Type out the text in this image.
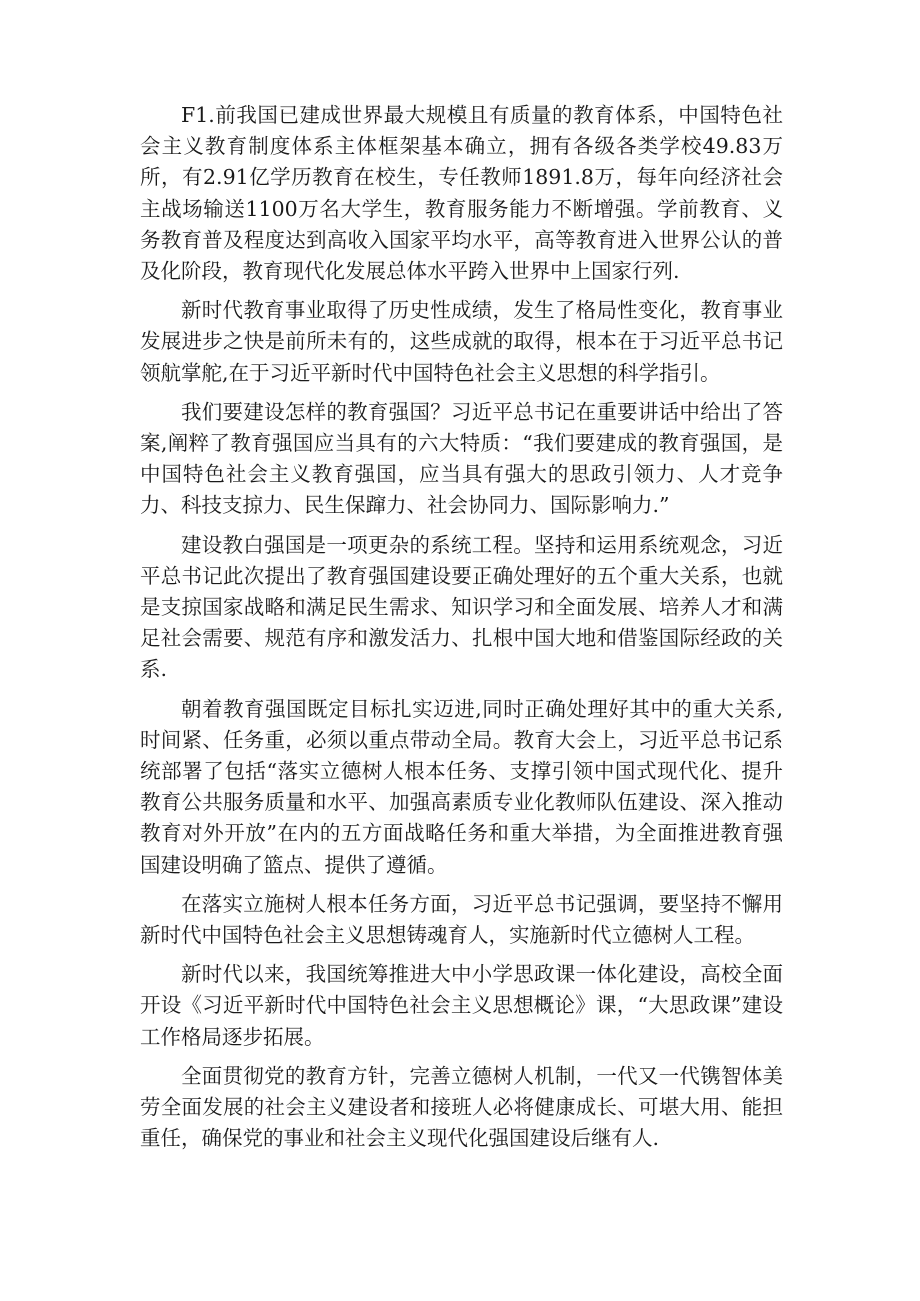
F1.前我国已建成世界最大规模且有质量的教育体系，中国特色社会主义教育制度体系主体框架基本确立，拥有各级各类学校49.83万所，有2.91亿学历教育在校生，专任教师1891.8万，每年向经济社会主战场输送1100万名大学生，教育服务能力不断增强。学前教育、义务教育普及程度达到高收入国家平均水平，高等教育进入世界公认的普及化阶段，教育现代化发展总体水平跨入世界中上国家行列.

新时代教育事业取得了历史性成绩，发生了格局性变化，教育事业发展进步之快是前所未有的，这些成就的取得，根本在于习近平总书记领航掌舵,在于习近平新时代中国特色社会主义思想的科学指引。

我们要建设怎样的教育强国？习近平总书记在重要讲话中给出了答案,阐粹了教育强国应当具有的六大特质：“我们要建成的教育强国，是中国特色社会主义教育强国，应当具有强大的思政引领力、人才竞争力、科技支掠力、民生保蹿力、社会协同力、国际影响力.”

建设教白强国是一项更杂的系统工程。坚持和运用系统观念，习近平总书记此次提出了教育强国建设要正确处理好的五个重大关系，也就是支掠国家战略和满足民生需求、知识学习和全面发展、培养人才和满足社会需要、规范有序和激发活力、扎根中国大地和借鉴国际经政的关系.

朝着教育强国既定目标扎实迈进,同时正确处理好其中的重大关系,时间紧、任务重，必须以重点带动全局。教育大会上，习近平总书记系统部署了包括“落实立德树人根本任务、支撑引领中国式现代化、提升教育公共服务质量和水平、加强高素质专业化教师队伍建设、深入推动教育对外开放”在内的五方面战略任务和重大举措，为全面推进教育强国建设明确了篮点、提供了遵循。

在落实立施树人根本任务方面，习近平总书记强调，要坚持不懈用新时代中国特色社会主义思想铸魂育人，实施新时代立德树人工程。

新时代以来，我国统筹推进大中小学思政课一体化建设，高校全面开设《习近平新时代中国特色社会主义思想概论》课，“大思政课”建设工作格局逐步拓展。

全面贯彻党的教育方针，完善立德树人机制，一代又一代镌智体美劳全面发展的社会主义建设者和接班人必将健康成长、可堪大用、能担重任，确保党的事业和社会主义现代化强国建设后继有人.
